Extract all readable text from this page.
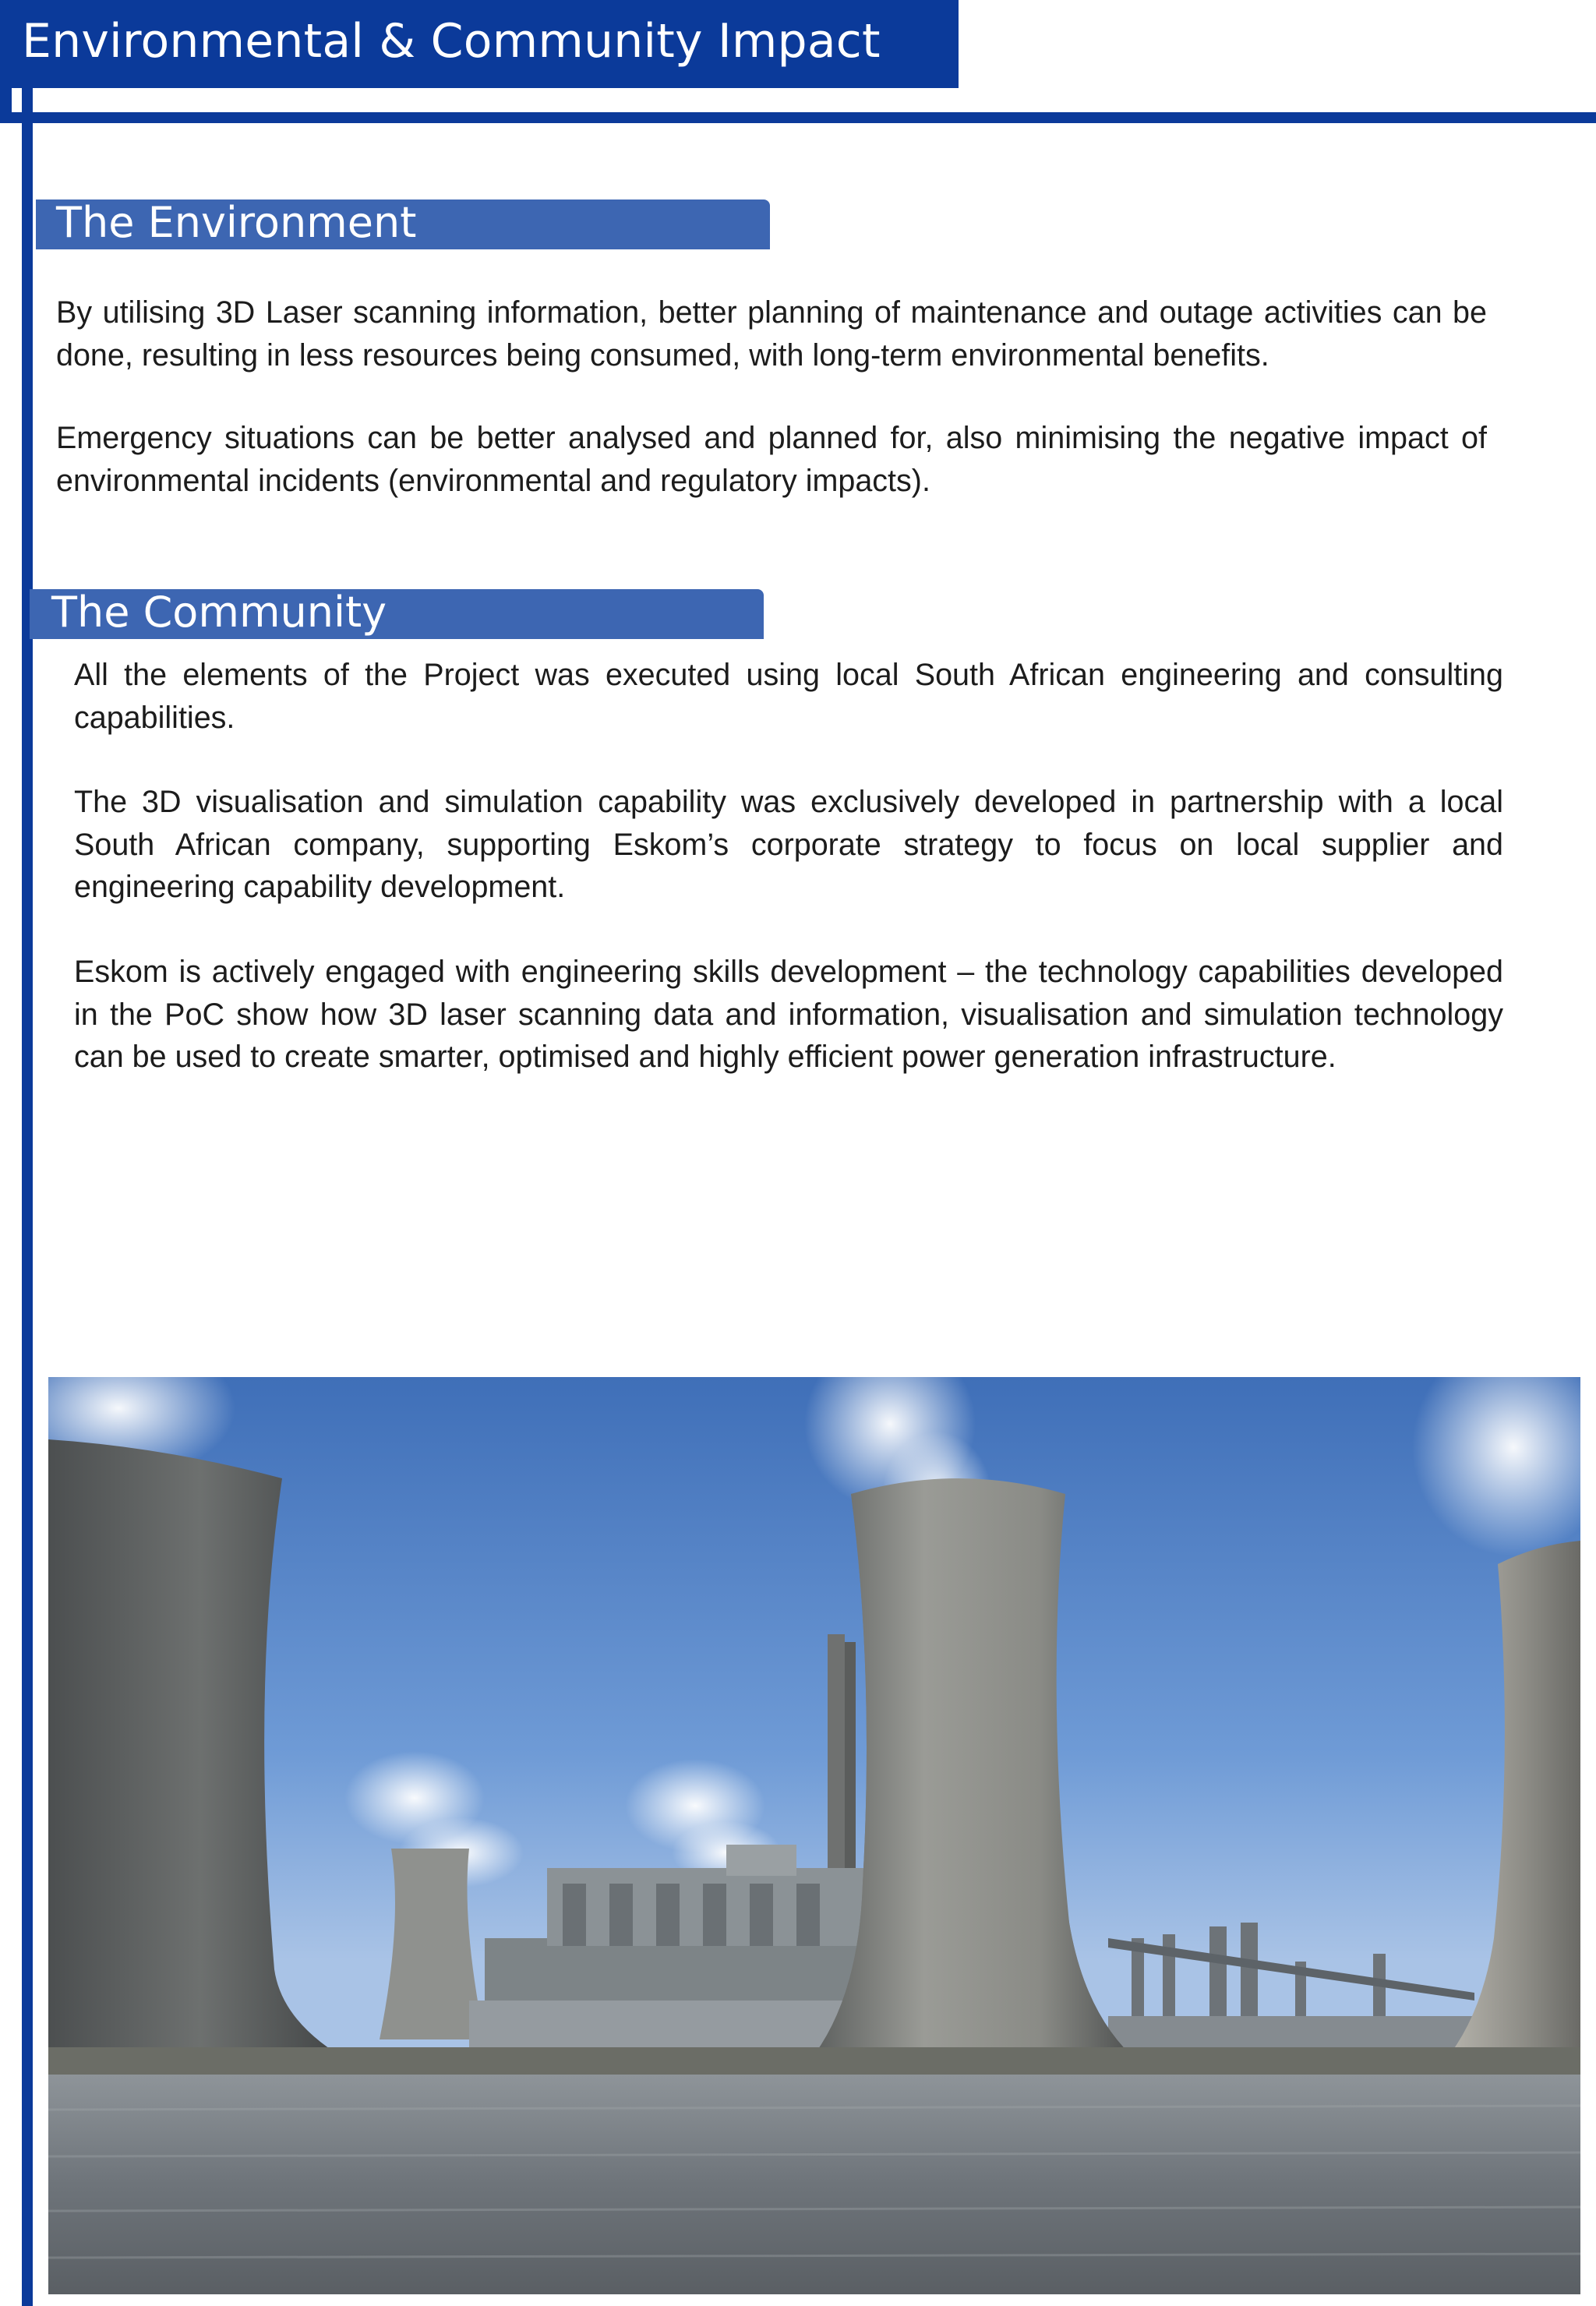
Environmental & Community Impact
The Environment

By utilising 3D Laser scanning information, better planning of maintenance and outage activities can be done, resulting in less resources being consumed, with long-term environmental benefits.

Emergency situations can be better analysed and planned for, also minimising the negative impact of environmental incidents (environmental and regulatory impacts).

The Community

All the elements of the Project was executed using local South African engineering and consulting capabilities.

The 3D visualisation and simulation capability was exclusively developed in partnership with a local South African company, supporting Eskom’s corporate strategy to focus on local supplier and engineering capability development.

Eskom is actively engaged with engineering skills development – the technology capabilities developed in the PoC show how 3D laser scanning data and information, visualisation and simulation technology can be used to create smarter, optimised and highly efficient power generation infrastructure.
